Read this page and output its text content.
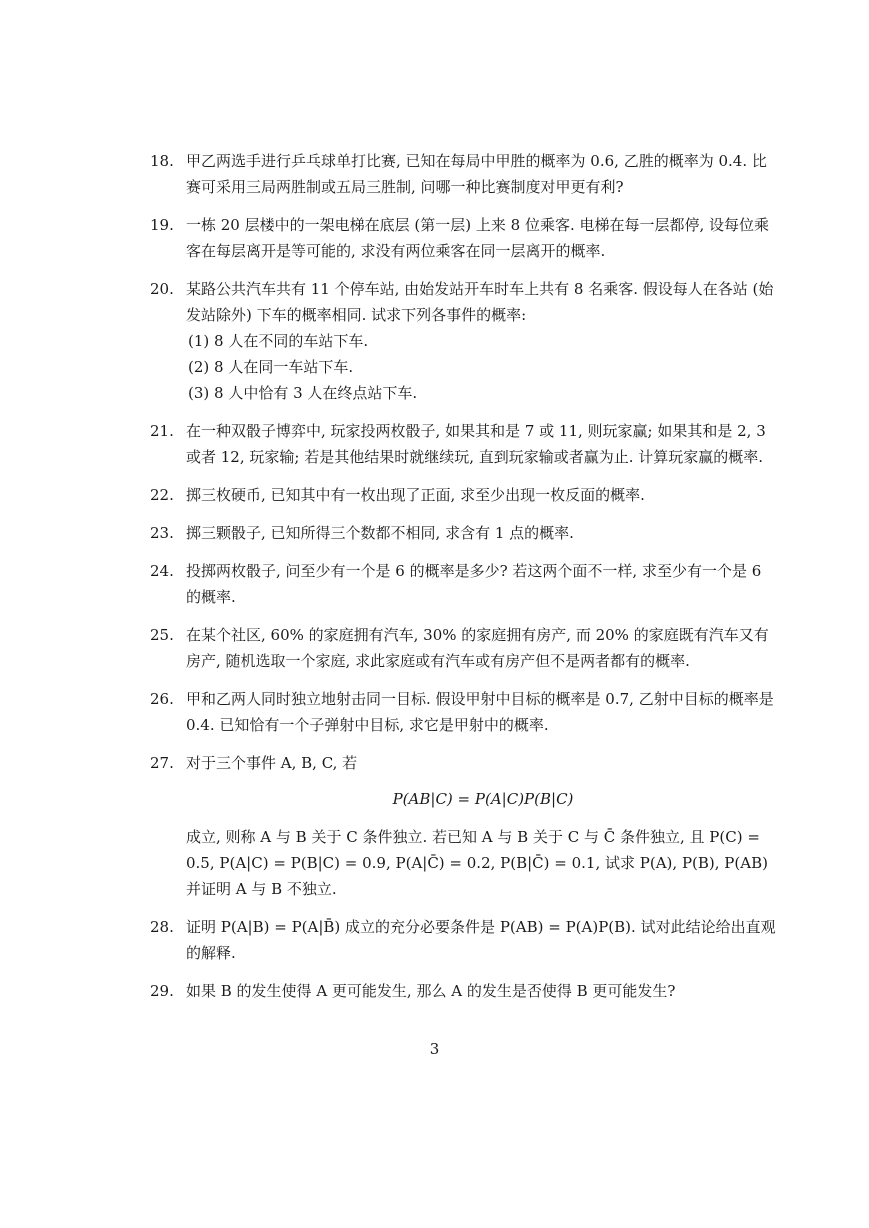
18. 甲乙两选手进行乒乓球单打比赛, 已知在每局中甲胜的概率为 0.6, 乙胜的概率为 0.4. 比赛可采用三局两胜制或五局三胜制, 问哪一种比赛制度对甲更有利?
19. 一栋 20 层楼中的一架电梯在底层 (第一层) 上来 8 位乘客. 电梯在每一层都停, 设每位乘客在每层离开是等可能的, 求没有两位乘客在同一层离开的概率.
20. 某路公共汽车共有 11 个停车站, 由始发站开车时车上共有 8 名乘客. 假设每人在各站 (始发站除外) 下车的概率相同. 试求下列各事件的概率:
(1) 8 人在不同的车站下车.
(2) 8 人在同一车站下车.
(3) 8 人中恰有 3 人在终点站下车.
21. 在一种双骰子博弈中, 玩家投两枚骰子, 如果其和是 7 或 11, 则玩家赢; 如果其和是 2, 3 或者 12, 玩家输; 若是其他结果时就继续玩, 直到玩家输或者赢为止. 计算玩家赢的概率.
22. 掷三枚硬币, 已知其中有一枚出现了正面, 求至少出现一枚反面的概率.
23. 掷三颗骰子, 已知所得三个数都不相同, 求含有 1 点的概率.
24. 投掷两枚骰子, 问至少有一个是 6 的概率是多少? 若这两个面不一样, 求至少有一个是 6 的概率.
25. 在某个社区, 60% 的家庭拥有汽车, 30% 的家庭拥有房产, 而 20% 的家庭既有汽车又有房产, 随机选取一个家庭, 求此家庭或有汽车或有房产但不是两者都有的概率.
26. 甲和乙两人同时独立地射击同一目标. 假设甲射中目标的概率是 0.7, 乙射中目标的概率是 0.4. 已知恰有一个子弹射中目标, 求它是甲射中的概率.
27. 对于三个事件 A, B, C, 若
P(AB|C) = P(A|C)P(B|C)
成立, 则称 A 与 B 关于 C 条件独立. 若已知 A 与 B 关于 C 与 C̄ 条件独立, 且 P(C) = 0.5, P(A|C) = P(B|C) = 0.9, P(A|C̄) = 0.2, P(B|C̄) = 0.1, 试求 P(A), P(B), P(AB) 并证明 A 与 B 不独立.
28. 证明 P(A|B) = P(A|B̄) 成立的充分必要条件是 P(AB) = P(A)P(B). 试对此结论给出直观的解释.
29. 如果 B 的发生使得 A 更可能发生, 那么 A 的发生是否使得 B 更可能发生?
3
